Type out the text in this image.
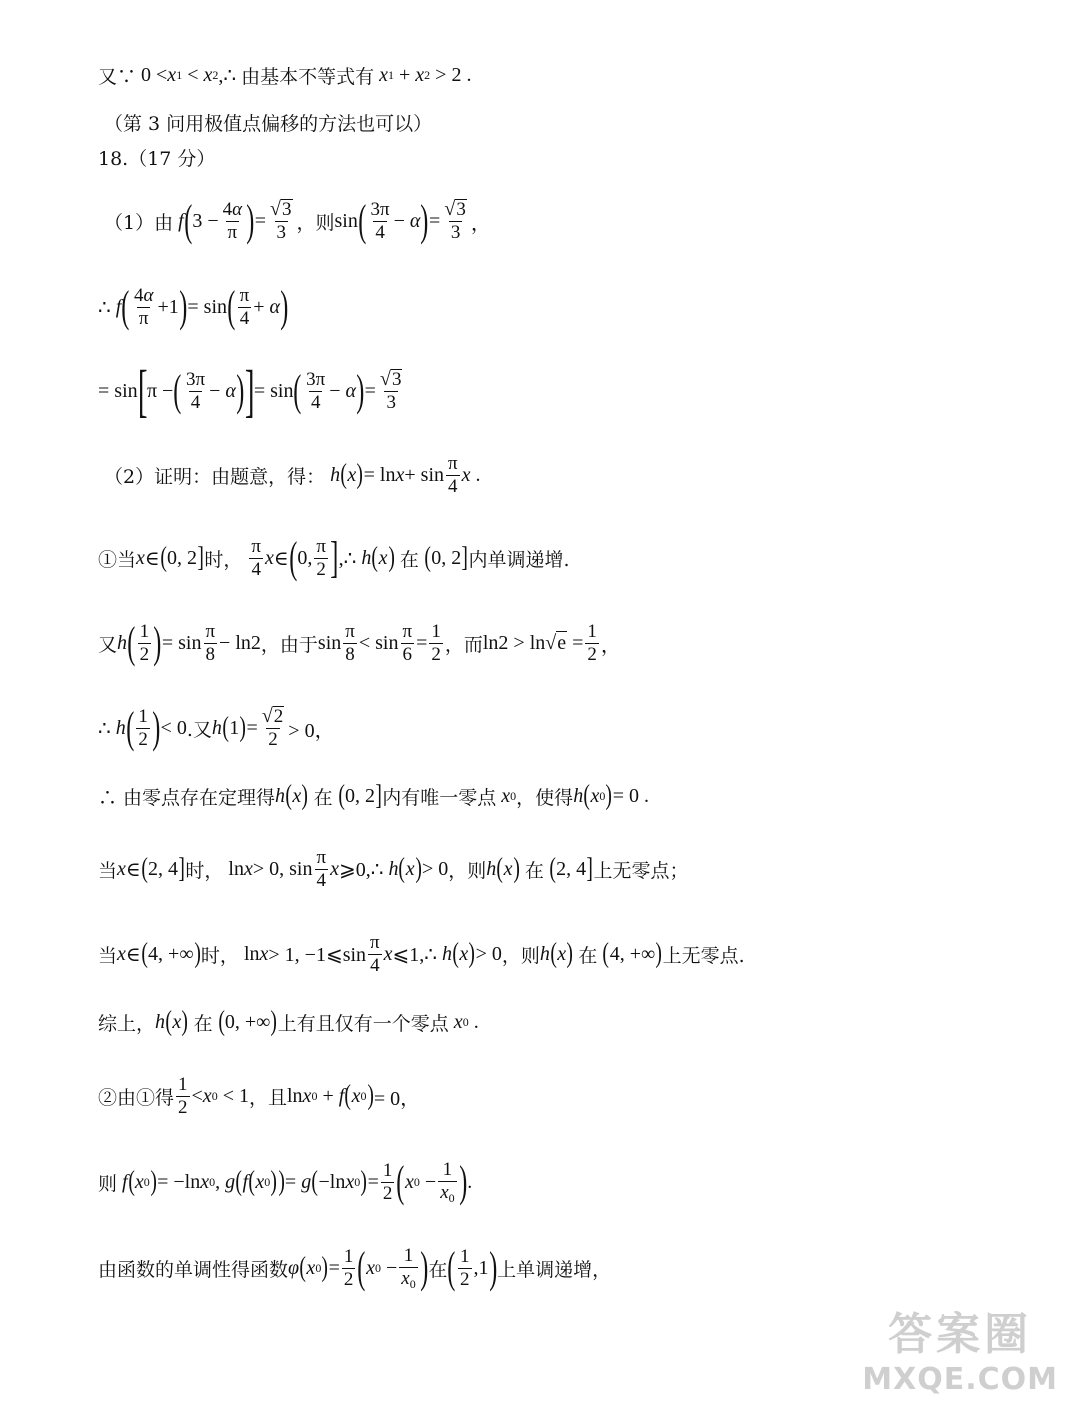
又∵ 0 < x 1 < x 2 ,∴ 由基本不等式有
x 1 + x 2 > 2 .
（第 3 问用极值点偏移的方法也可以）
18.（17 分）
（1）由
f ( $3 - \frac{4\alpha}{\pi}$ ) = $\frac{√ 3}{3}$ ，则 sin ( $\frac{3\pi}{4} - \alpha$ ) = $\frac{√ 3}{3}$ ，
∴ f ( $\frac{4\alpha}{\pi} +1$ ) = sin ( $\frac{\pi}{4} + \alpha$ )
= sin [ π − ( $\frac{3\pi}{4} - \alpha$ ) ] = sin ( $\frac{3\pi}{4} - \alpha$ ) = $\frac{√ 3}{3}$
（2）证明：由题意，得：
h ( x ) = $\ln x + \sin \frac{\pi}{4}$ x .
①当 x ∈ ( 0, 2 ] 时，
$\frac{\pi}{4}$ x ∈ ( 0, $\frac{\pi}{2}$ ] ,∴ h ( x )
在
( 0, 2 ] 内单调递增.
又 h ( $\frac{1}{2}$ ) = $\sin \frac{\pi}{8} - \ln 2$ ，由于 $\sin \frac{\pi}{8} < \sin \frac{\pi}{6} = \frac{1}{2}$ ，而 ln2 > ln √ $e = \frac{1}{2}$ ，
∴ h ( $\frac{1}{2}$ ) < 0 .又 h ( 1 ) = $\frac{√ 2}{2} > 0$，
∴ 由零点存在定理得 h ( x )
在
( 0, 2 ] 内有唯一零点
x 0 ，使得 h ( x 0 ) = 0 .
当 x ∈ ( 2, 4 ] 时， ln x > 0, $\sin \frac{\pi}{4}$ x ⩾0,∴ h ( x ) > 0 ，则 h ( x )
在
( 2, 4 ] 上无零点；
当 x ∈ ( 4, +∞ ) 时， ln x > 1, −1⩽sin $\frac{\pi}{4}$ x ⩽1,∴ h ( x ) > 0 ，则 h ( x )
在
( 4, +∞ ) 上无零点.
综上， h ( x )
在
( 0, +∞ ) 上有且仅有一个零点
x 0 .
②由①得 $\frac{1}{2} < x$ 0 < 1 ，且 ln x 0 + f ( x 0 ) = 0，
则
f ( x 0 ) = −ln x 0 , g ( f ( x 0 ) ) = g ( −ln x 0 ) = $\frac{1}{2}$ ( x $0 - \frac{1}{x_0}$ ) .
由函数的单调性得函数 φ ( x 0 ) = $\frac{1}{2}$ ( x $0 - \frac{1}{x_0}$ ) 在 ( $\frac{1}{2} ,1$ ) 上单调递增，
答案圈
MXQE.COM
